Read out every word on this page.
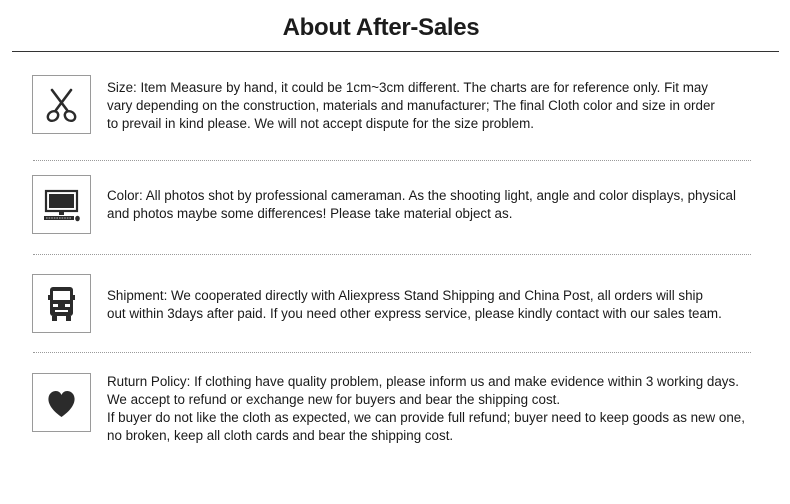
About After-Sales

Size: Item Measure by hand, it could be 1cm~3cm different. The charts are for reference only. Fit may

vary depending on the construction, materials and manufacturer; The final Cloth color and size in order

to prevail in kind please. We will not accept dispute for the size problem.

Color: All photos shot by professional cameraman. As the shooting light, angle and color displays, physical

and photos maybe some differences! Please take material object as.

Shipment: We cooperated directly with Aliexpress Stand Shipping and China Post, all orders will ship

out within 3days after paid. If you need other express service, please kindly contact with our sales team.

Ruturn Policy: If clothing have quality problem, please inform us and make evidence within 3 working days.

We accept to refund or exchange new for buyers and bear the shipping cost.

If buyer do not like the cloth as expected, we can provide full refund; buyer need to keep goods as new one,

no broken, keep all cloth cards and bear the shipping cost.
